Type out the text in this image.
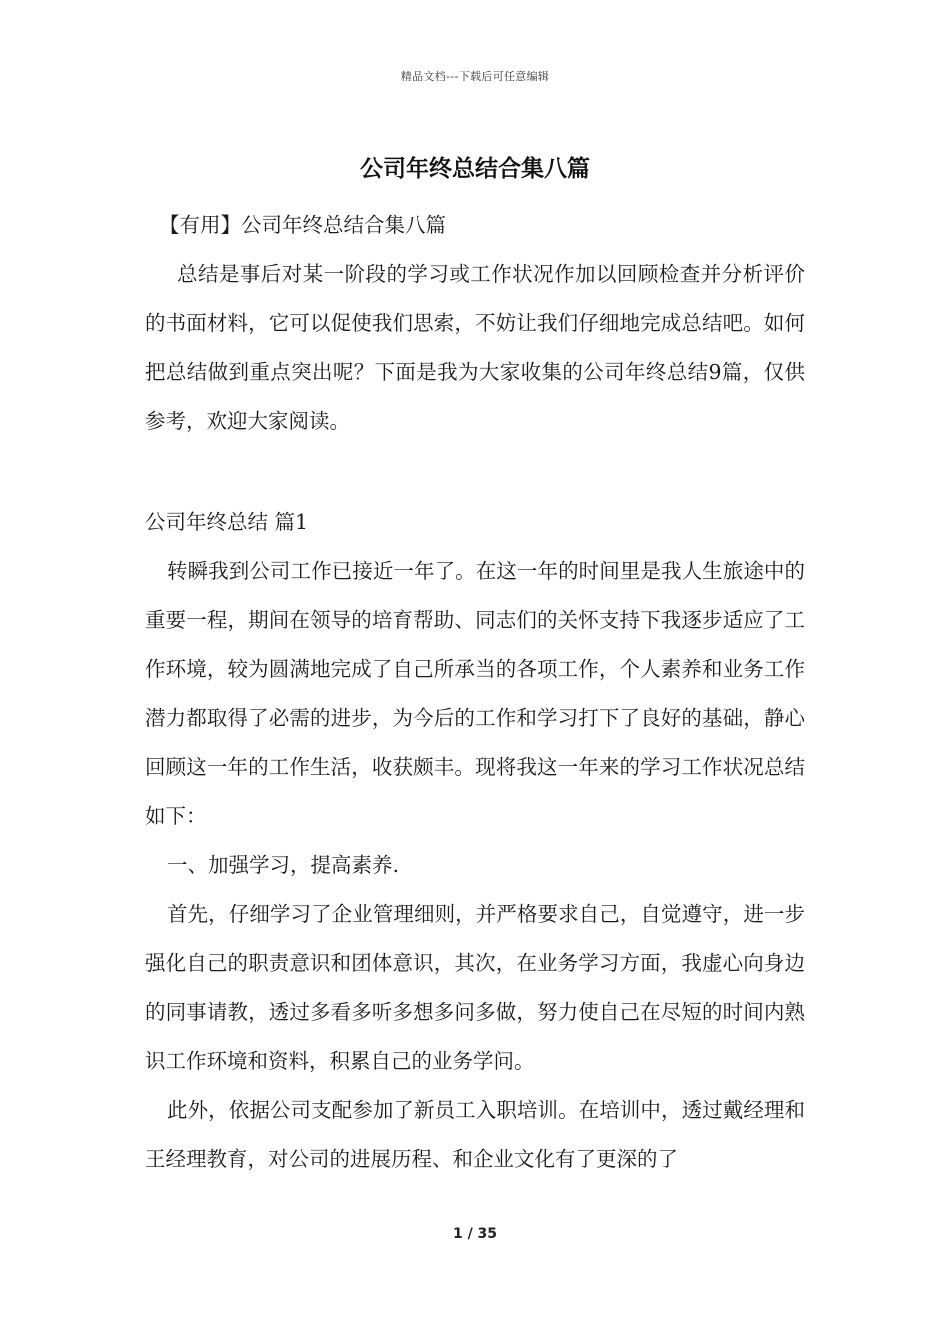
精品文档---下载后可任意编辑
公司年终总结合集八篇

【有用】公司年终总结合集八篇

总结是事后对某一阶段的学习或工作状况作加以回顾检查并分析评价的书面材料，它可以促使我们思索，不妨让我们仔细地完成总结吧。如何把总结做到重点突出呢？下面是我为大家收集的公司年终总结9篇，仅供参考，欢迎大家阅读。

公司年终总结 篇1

转瞬我到公司工作已接近一年了。在这一年的时间里是我人生旅途中的重要一程，期间在领导的培育帮助、同志们的关怀支持下我逐步适应了工作环境，较为圆满地完成了自己所承当的各项工作，个人素养和业务工作潜力都取得了必需的进步，为今后的工作和学习打下了良好的基础，静心回顾这一年的工作生活，收获颇丰。现将我这一年来的学习工作状况总结如下：

一、加强学习，提高素养.

首先，仔细学习了企业管理细则，并严格要求自己，自觉遵守，进一步强化自己的职责意识和团体意识，其次，在业务学习方面，我虚心向身边的同事请教，透过多看多听多想多问多做，努力使自己在尽短的时间内熟识工作环境和资料，积累自己的业务学问。

此外，依据公司支配参加了新员工入职培训。在培训中，透过戴经理和王经理教育，对公司的进展历程、和企业文化有了更深的了

1 / 35
